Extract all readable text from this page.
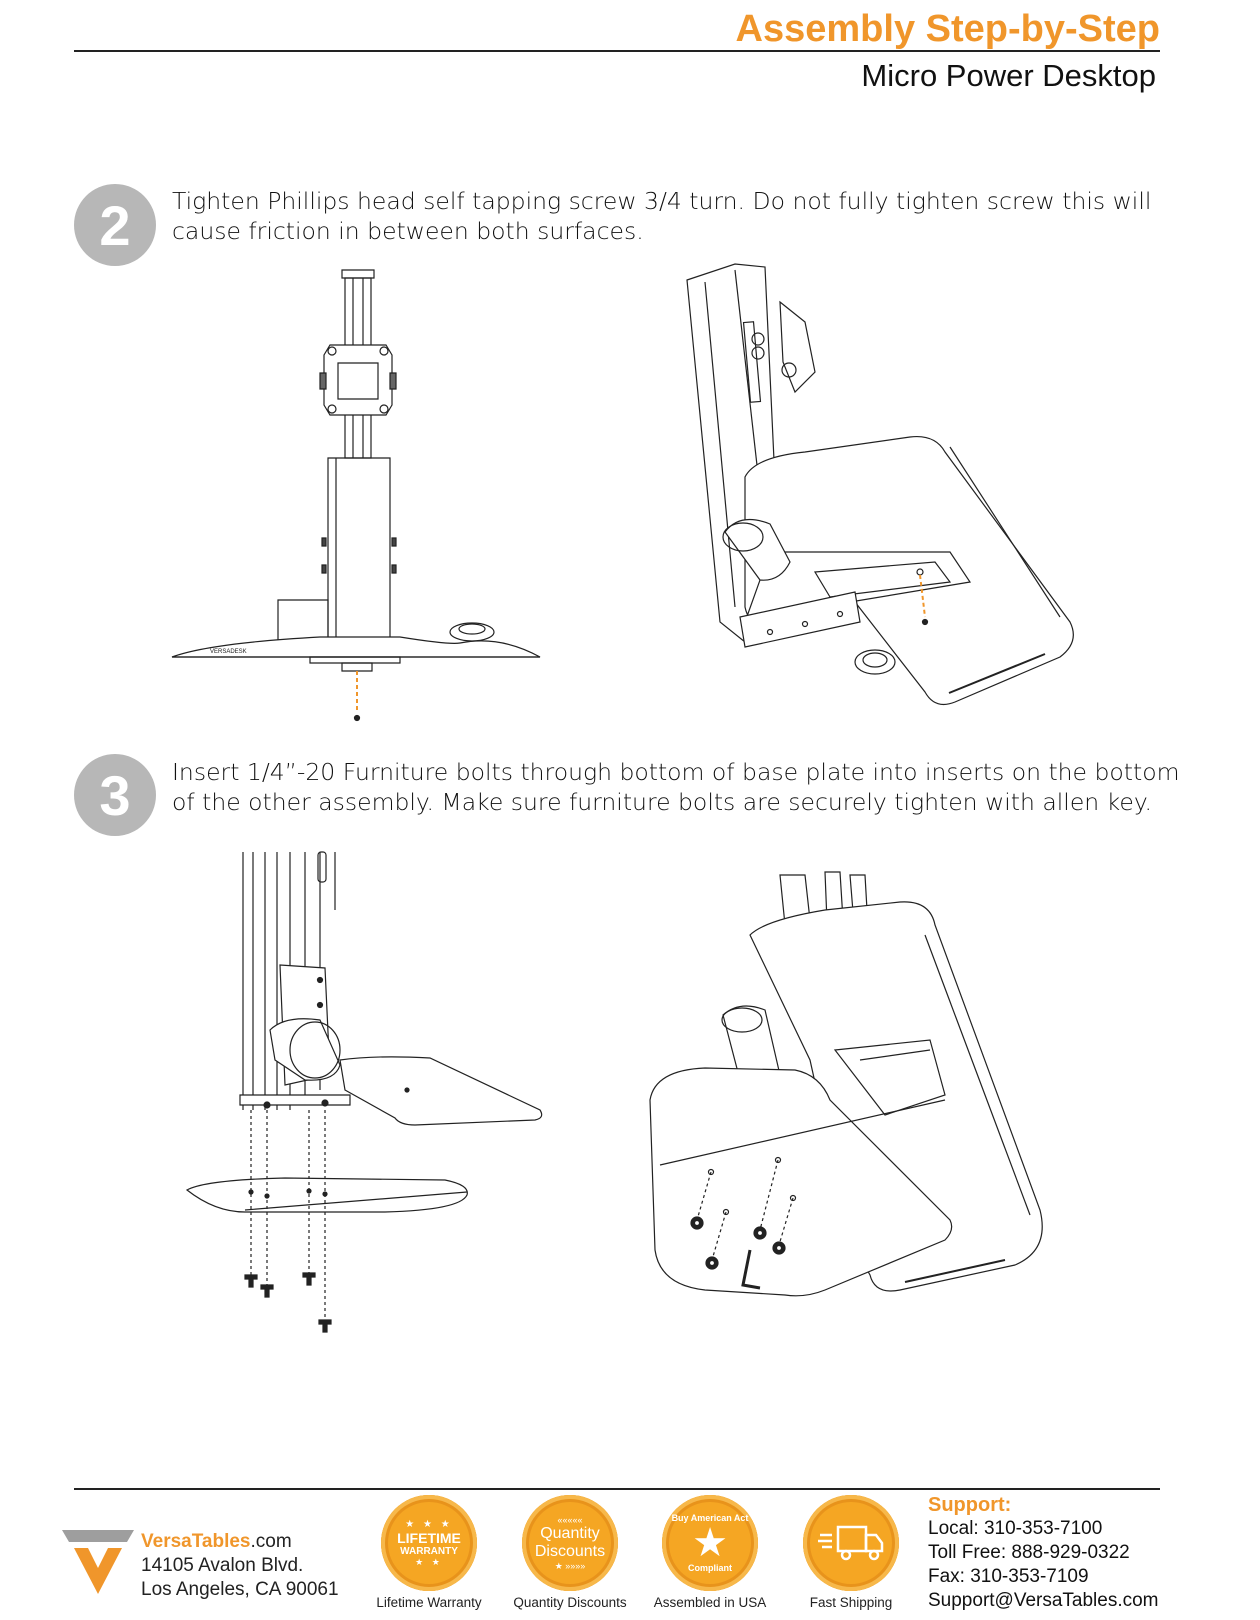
Assembly Step-by-Step
Micro Power Desktop
2 Tighten Phillips head self tapping screw 3/4 turn. Do not fully tighten screw this will
cause friction in between both surfaces.
VERSADESK
3 Insert 1/4”-20 Furniture bolts through bottom of base plate into inserts on the bottom
of the other assembly. Make sure furniture bolts are securely tighten with allen key.
VersaTables.com
14105 Avalon Blvd.
Los Angeles, CA 90061
★ ★ ★
LIFETIME
WARRANTY
★ ★
Lifetime Warranty
«««««
Quantity
Discounts
★ »»»»
Quantity Discounts
Buy American Act
★
Compliant
Assembled in USA	Fast Shipping
Support:
Local: 310-353-7100
Toll Free: 888-929-0322
Fax: 310-353-7109
Support@VersaTables.com
